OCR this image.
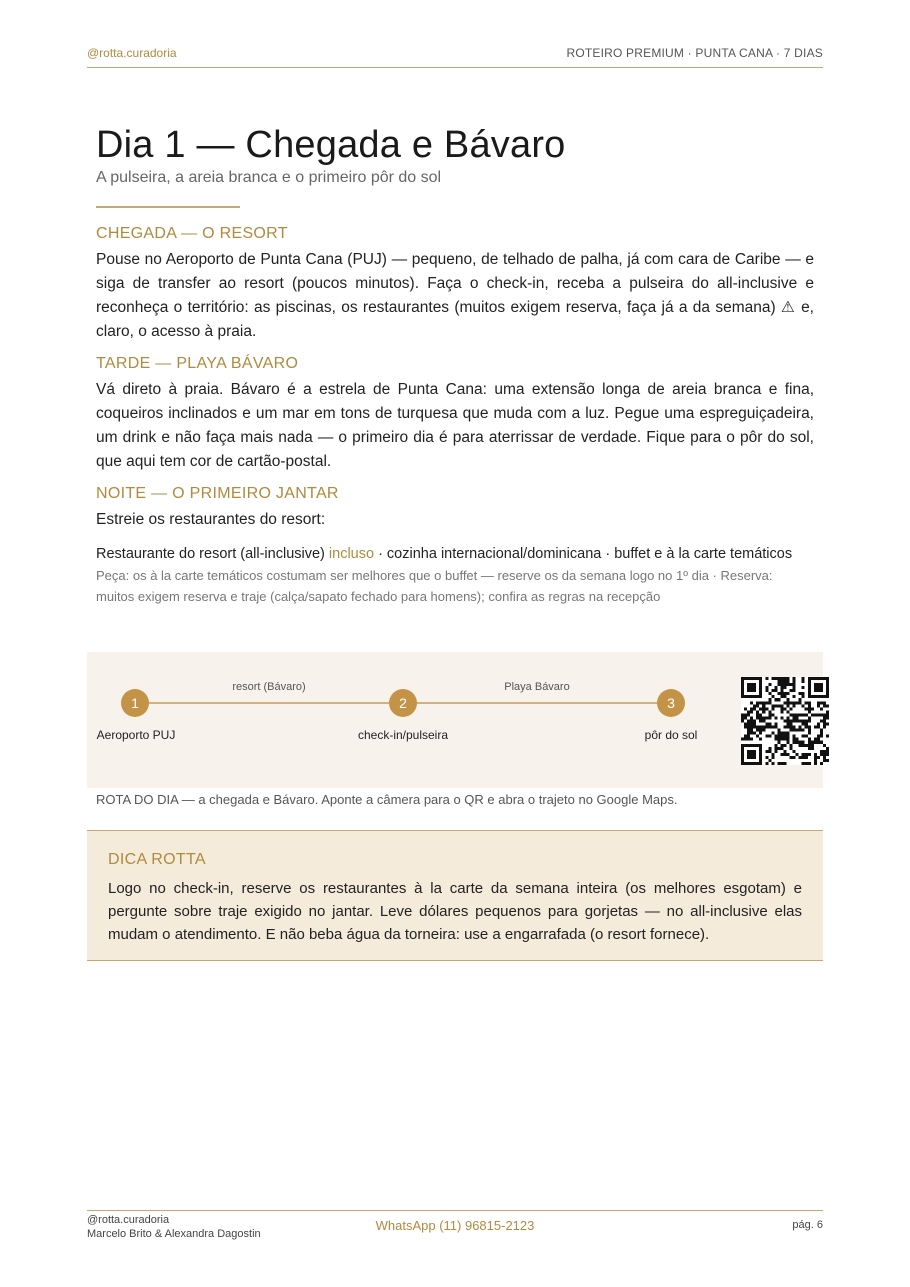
@rotta.curadoria	ROTEIRO PREMIUM · PUNTA CANA · 7 DIAS
Dia 1 — Chegada e Bávaro
A pulseira, a areia branca e o primeiro pôr do sol
CHEGADA — O RESORT

Pouse no Aeroporto de Punta Cana (PUJ) — pequeno, de telhado de palha, já com cara de Caribe — e siga de transfer ao resort (poucos minutos). Faça o check-in, receba a pulseira do all-inclusive e reconheça o território: as piscinas, os restaurantes (muitos exigem reserva, faça já a da semana) ⚠ e, claro, o acesso à praia.

TARDE — PLAYA BÁVARO

Vá direto à praia. Bávaro é a estrela de Punta Cana: uma extensão longa de areia branca e fina, coqueiros inclinados e um mar em tons de turquesa que muda com a luz. Pegue uma espreguiçadeira, um drink e não faça mais nada — o primeiro dia é para aterrissar de verdade. Fique para o pôr do sol, que aqui tem cor de cartão-postal.

NOITE — O PRIMEIRO JANTAR

Estreie os restaurantes do resort:

Restaurante do resort (all-inclusive) incluso · cozinha internacional/dominicana · buffet e à la carte temáticos
Peça: os à la carte temáticos costumam ser melhores que o buffet — reserve os da semana logo no 1º dia · Reserva: muitos exigem reserva e traje (calça/sapato fechado para homens); confira as regras na recepção
resort (Bávaro)	Playa Bávaro
1	2	3
Aeroporto PUJ	check-in/pulseira	pôr do sol
ROTA DO DIA — a chegada e Bávaro. Aponte a câmera para o QR e abra o trajeto no Google Maps.
DICA ROTTA
Logo no check-in, reserve os restaurantes à la carte da semana inteira (os melhores esgotam) e pergunte sobre traje exigido no jantar. Leve dólares pequenos para gorjetas — no all-inclusive elas mudam o atendimento. E não beba água da torneira: use a engarrafada (o resort fornece).
@rotta.curadoria
Marcelo Brito & Alexandra Dagostin
WhatsApp (11) 96815-2123	pág. 6
